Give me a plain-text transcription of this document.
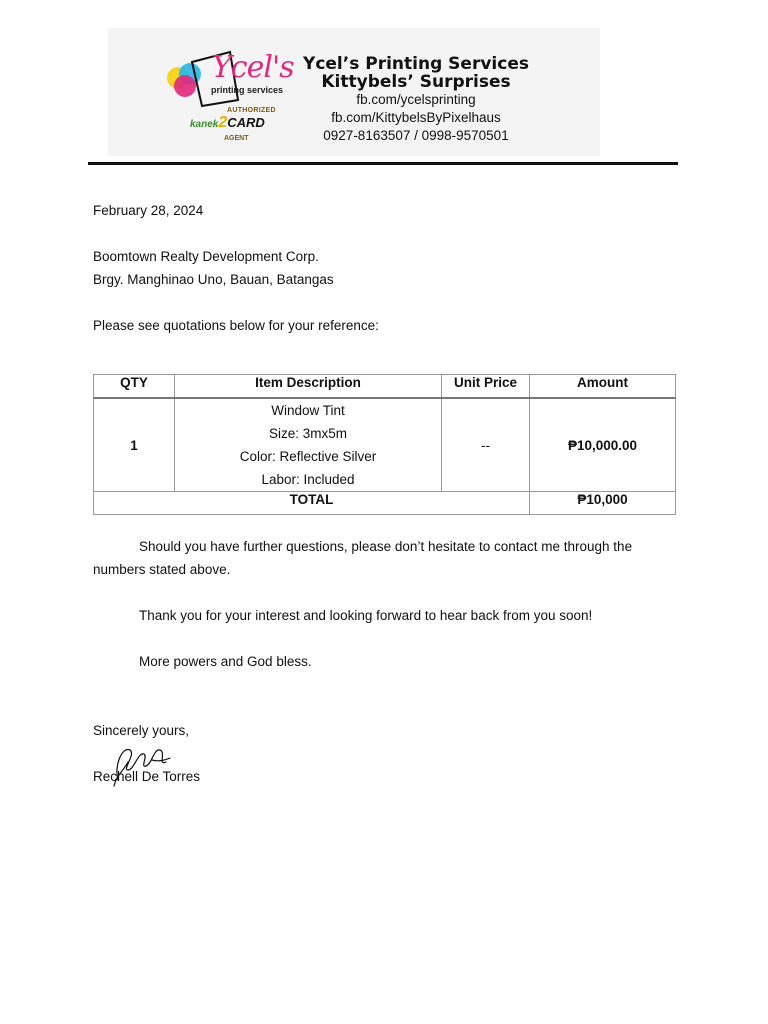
Ycel's
printing services
AUTHORIZED
kanek2CARD
AGENT
Ycel’s Printing Services
Kittybels’ Surprises
fb.com/ycelsprinting
fb.com/KittybelsByPixelhaus
0927-8163507 / 0998-9570501
February 28, 2024
Boomtown Realty Development Corp.
Brgy. Manghinao Uno, Bauan, Batangas
Please see quotations below for your reference:
QTY	Item Description	Unit Price	Amount
1	Window Tint
Size: 3mx5m
Color: Reflective Silver
Labor: Included	--	₱10,000.00
TOTAL			₱10,000
Should you have further questions, please don’t hesitate to contact me through the
numbers stated above.
Thank you for your interest and looking forward to hear back from you soon!
More powers and God bless.
Sincerely yours,
Rechell De Torres
